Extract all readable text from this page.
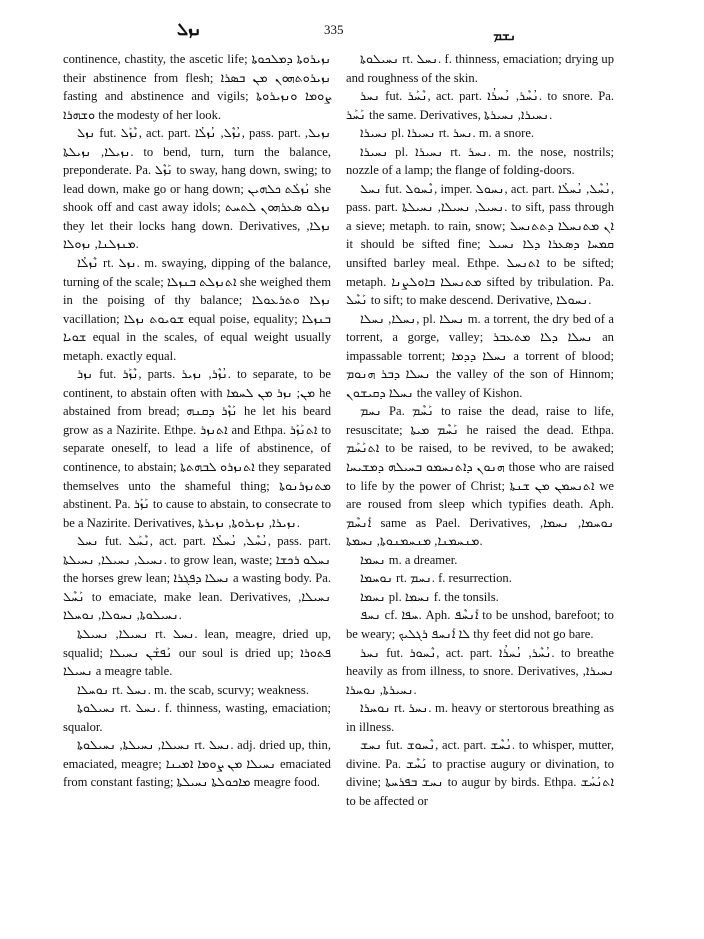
ܢܙܠ	335	ܢܫܡ

continence, chastity, the ascetic life; ܢܙܝܪܘܬܐ ܕܡܠܟܘܬܐ their abstinence from flesh; ܢܙܝܪܘܬܗܘܢ ܡܢ ܒܣܪܐ fasting and abstinence and vigils; ܨܘܡܐ ܘܢܙܝܪܘܬܐ ܘܫܗܪܐ the modesty of her look.

ܢܙܠ fut. ܢܶܙܰܠ, act. part. ܢܳܙܶܠ, ܢܳܙܠܳܐ, pass. part. ܢܙܝܠ, ܢܙܝܠܐ, ܢܙܝܠܬܐ. to bend, turn, turn the balance, preponderate. Pa. ܢܰܙܶܠ to sway, hang down, swing; to lead down, make go or hang down; ܢܰܙܠܰܬ ܟܠܗܝܢ she shook off and cast away idols; ܢܙܠܘ ܣܥܪܗܘܢ ܠܬܚܬ they let their locks hang down. Derivatives, ܢܙܠܐ, ܡܢܙܠܢܐ, ܢܙܘܠܐ.

ܢܶܙܠܳܐ rt. ܢܙܠ. m. swaying, dipping of the balance, turning of the scale; ܐܬܢܙܠܬ ܒܢܙܠܐ she weighed them in the poising of thy balance; ܢܙܠܐ ܘܬܪܥܘܠܐ vacillation; ܫܘܝܘܬ ܢܙܠܐ equal poise, equality; ܒܢܙܠܐ ܫܘܝܐ equal in the scales, of equal weight usually metaph. exactly equal.

ܢܙܪ fut. ܢܶܙܰܪ, parts. ܢܳܙܶܪ, ܢܙܝܪ. to separate, to be continent, to abstain often with ܡܢ; ܢܙܪ ܡܢ ܠܚܡܐ he abstained from bread; ܢܰܙܶܪ ܕܩܢܗ he let his beard grow as a Nazirite. Ethpe. ܐܬܢܙܪ and Ethpa. ܐܬܢܰܙܰܪ to separate oneself, to lead a life of abstinence, of continence, to abstain; ܐܬܢܙܪܘ ܠܒܗܬܬܐ they separated themselves unto the shameful thing; ܡܬܢܙܪܢܘܬܐ abstinent. Pa. ܢܰܙܰܪ to cause to abstain, to consecrate to be a Nazirite. Derivatives, ܢܙܝܪܐ, ܢܙܝܪܘܬܐ, ܢܙܝܪܬܐ.

ܢܚܠ fut. ܢܶܚܰܠ, act. part. ܢܳܚܶܠ, ܢܳܚܠܳܐ, pass. part. ܢܚܝܠ, ܢܚܝܠܐ, ܢܚܝܠܬܐ. to grow lean, waste; ܢܚܠܘ ܪܟܫܐ the horses grew lean; ܢܚܠܐ ܕܦܓܪܐ a wasting body. Pa. ܢܰܚܶܠ to emaciate, make lean. Derivatives, ܢܚܝܠܐ, ܢܚܝܠܘܬܐ, ܢܚܘܠܐ, ܢܘܚܠܐ.

ܢܚܝܠܐ, ܢܚܝܠܬܐ rt. ܢܚܠ. lean, meagre, dried up, squalid; ܢܰܦܫܰܢ ܢܚܝܠܐ our soul is dried up; ܦܬܘܪܐ ܢܚܝܠܐ a meagre table.

ܢܘܚܠܐ rt. ܢܚܠ. m. the scab, scurvy; weakness.

ܢܚܝܠܘܬܐ rt. ܢܚܠ. f. thinness, wasting, emaciation; squalor.

ܢܚܝܠܐ, ܢܚܝܠܬܐ, ܢܚܝܠܘܬܐ rt. ܢܚܠ. adj. dried up, thin, emaciated, meagre; ܢܚܝܠܐ ܡܢ ܨܘܡܐ ܐܡܝܢܐ emaciated from constant fasting; ܡܐܟܘܠܬܐ ܢܚܝܠܬܐ meagre food.

ܢܚܝܠܘܬܐ rt. ܢܚܠ. f. thinness, emaciation; drying up and roughness of the skin.

ܢܚܪ fut. ܢܶܚܰܪ, act. part. ܢܳܚܶܪ, ܢܳܚܪܳܐ. to snore. Pa. ܢܰܚܰܪ the same. Derivatives, ܢܚܝܪܐ, ܢܚܝܪܬܐ.

ܢܚܝܪܐ pl. ܢܚܝܪܐ rt. ܢܚܪ. m. a snore.

ܢܚܝܪܐ pl. ܢܚܝܪܐ rt. ܢܚܪ. m. the nose, nostrils; nozzle of a lamp; the flange of folding-doors.

ܢܚܠ fut. ܢܶܚܘܠ, imper. ܢܚܘܠ, act. part. ܢܳܚܶܠ, ܢܳܚܠܳܐ, pass. part. ܢܚܝܠ, ܢܚܝܠܐ, ܢܚܝܠܬܐ. to sift, pass through a sieve; metaph. to rain, snow; ܐܢ ܡܬܢܚܠܐ ܕܬܬܢܚܠ it should be sifted fine; ܩܡܚܐ ܕܣܥܪܐ ܕܠܐ ܢܚܝܠ unsifted barley meal. Ethpe. ܐܬܢܚܠ to be sifted; metaph. ܡܬܢܚܠܐ ܒܐܘܠܨܢܐ sifted by tribulation. Pa. ܢܰܚܶܠ to sift; to make descend. Derivative, ܢܚܘܠܐ.

ܢܚܠܐ, ܢܚܠܐ, pl. ܢܚܠܐ m. a torrent, the dry bed of a torrent, a gorge, valley; ܢܚܠܐ ܕܠܐ ܡܬܥܒܪ an impassable torrent; ܢܚܠܐ ܕܕܡܐ a torrent of blood; ܢܚܠܐ ܕܒܪ ܗܢܘܡ the valley of the son of Hinnom; ܢܚܠܐ ܕܩܝܫܘܢ the valley of Kishon.

ܢܚܡ Pa. ܢܰܚܶܡ to raise the dead, raise to life, resuscitate; ܢܰܚܶܡ ܡܝܬܐ he raised the dead. Ethpa. ܐܬܢܰܚܰܡ to be raised, to be revived, to be awaked; ܗܢܘܢ ܕܐܬܢܚܡܘ ܒܚܝܠܗ ܕܡܫܝܚܐ those who are raised to life by the power of Christ; ܐܬܢܚܡܢ ܡܢ ܫܢܬܐ we are roused from sleep which typifies death. Aph. ܐܰܢܚܶܡ same as Pael. Derivatives, ܢܘܚܡܐ, ܢܚܡܐ, ܡܢܚܡܢܐ, ܡܢܚܡܢܘܬܐ, ܢܚܡܬܐ.

ܢܚܡܐ m. a dreamer.

ܢܘܚܡܐ rt. ܢܚܡ. f. resurrection.

ܢܚܡܐ pl. ܢܚܡܐ f. the tonsils.

ܢܚܦ cf. ܚܦܐ. Aph. ܐܰܢܚܶܦ to be unshod, barefoot; to be weary; ܠܐ ܐܰܢܚܦ ܪܓܠܝܟ thy feet did not go bare.

ܢܚܪ fut. ܢܶܚܘܪ, act. part. ܢܳܚܶܪ, ܢܳܚܪܳܐ. to breathe heavily as from illness, to snore. Derivatives, ܢܚܝܪܐ, ܢܚܝܪܬܐ, ܢܘܚܪܐ.

ܢܘܚܪܐ rt. ܢܚܪ. m. heavy or stertorous breathing as in illness.

ܢܚܫ fut. ܢܶܚܘܫ, act. part. ܢܳܚܶܫ. to whisper, mutter, divine. Pa. ܢܰܚܶܫ to practise augury or divination, to divine; ܢܚܫ ܒܦܪܚܬܐ to augur by birds. Ethpa. ܐܬܢܰܚܰܫ to be affected or
